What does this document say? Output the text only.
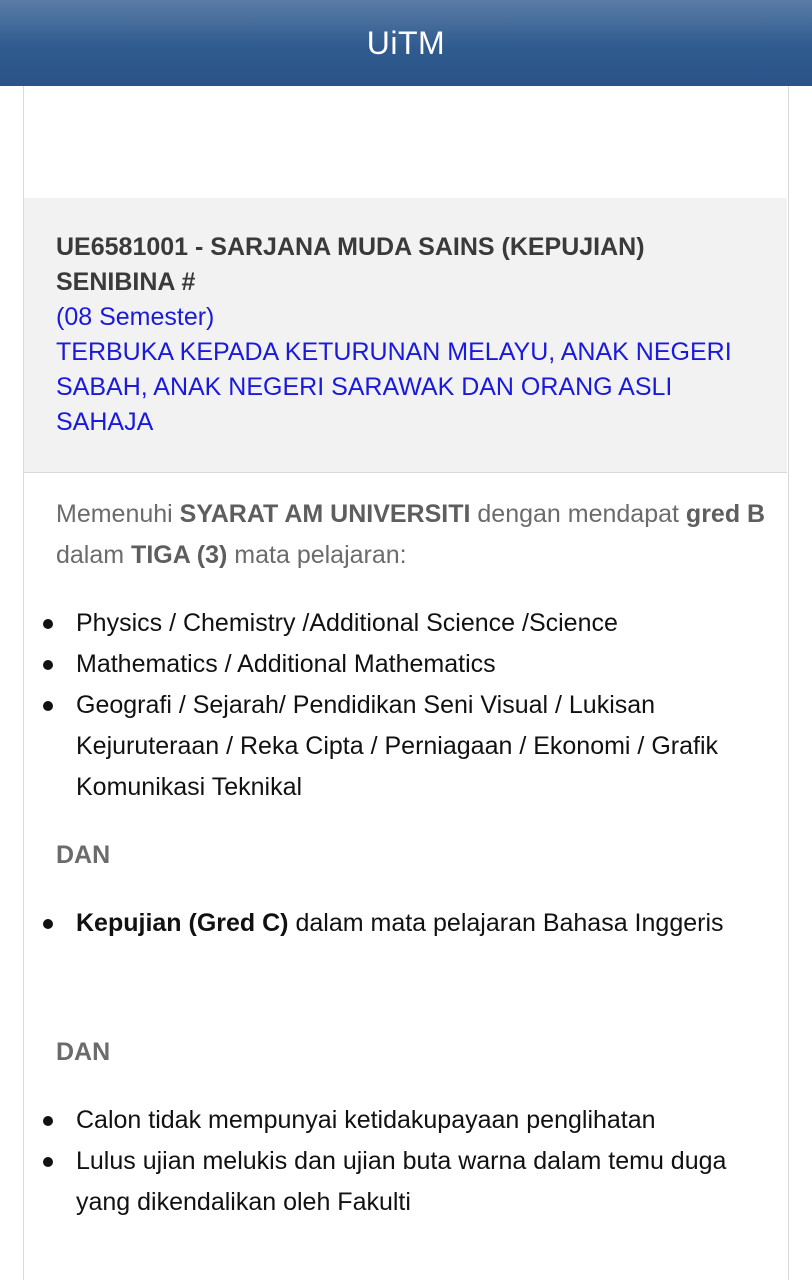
UiTM

UE6581001 - SARJANA MUDA SAINS (KEPUJIAN) SENIBINA #

(08 Semester)

TERBUKA KEPADA KETURUNAN MELAYU, ANAK NEGERI SABAH, ANAK NEGERI SARAWAK DAN ORANG ASLI SAHAJA

Memenuhi SYARAT AM UNIVERSITI dengan mendapat gred B dalam TIGA (3) mata pelajaran:

Physics / Chemistry /Additional Science /Science
Mathematics / Additional Mathematics
Geografi / Sejarah/ Pendidikan Seni Visual / Lukisan Kejuruteraan / Reka Cipta / Perniagaan / Ekonomi / Grafik Komunikasi Teknikal

DAN

Kepujian (Gred C) dalam mata pelajaran Bahasa Inggeris

DAN

Calon tidak mempunyai ketidakupayaan penglihatan
Lulus ujian melukis dan ujian buta warna dalam temu duga yang dikendalikan oleh Fakulti
